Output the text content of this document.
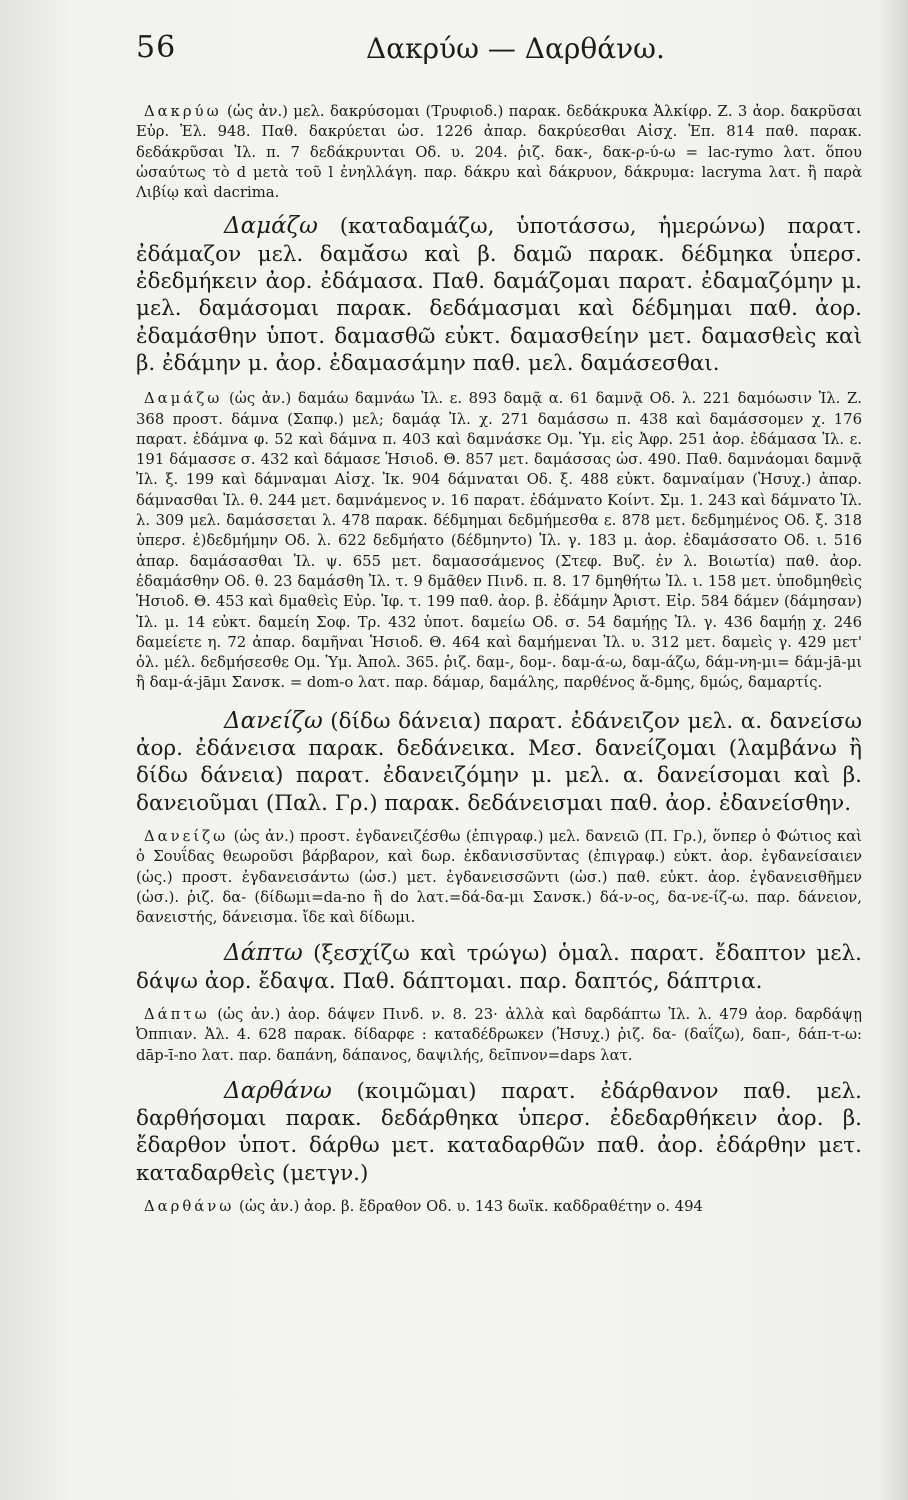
56	Δακρύω — Δαρθάνω.

Δακρύω (ὡς ἀν.) μελ. δακρύσομαι (Τρυφιοδ.) παρακ. δεδάκρυκα Ἀλκίφρ. Ζ. 3 ἀορ. δακρῦσαι Εὐρ. Ἑλ. 948. Παθ. δακρύεται ὡσ. 1226 ἀπαρ. δακρύεσθαι Αἰσχ. Ἐπ. 814 παθ. παρακ. δεδάκρῦσαι Ἰλ. π. 7 δεδάκρυνται Οδ. υ. 204. ῥιζ. δακ-, δακ-ρ-ύ-ω = lac-rymo λατ. ὅπου ὡσαύτως τὸ d μετὰ τοῦ l ἐνηλλάγη. παρ. δάκρυ καὶ δάκρυον, δάκρυμα: lacryma λατ. ἢ παρὰ Λιβίῳ καὶ dacrima.

Δαμάζω (καταδαμάζω, ὑποτάσσω, ἡμερώνω) παρατ. ἐδάμαζον μελ. δαμᾰ́σω καὶ β. δαμῶ παρακ. δέδμηκα ὑπερσ. ἐδεδμήκειν ἀορ. ἐδάμασα. Παθ. δαμάζομαι παρατ. ἐδαμαζόμην μ. μελ. δαμάσομαι παρακ. δεδάμασμαι καὶ δέδμημαι παθ. ἀορ. ἐδαμάσθην ὑποτ. δαμασθῶ εὐκτ. δαμασθείην μετ. δαμασθεὶς καὶ β. ἐδάμην μ. ἀορ. ἐδαμασάμην παθ. μελ. δαμάσεσθαι.

Δαμάζω (ὡς ἀν.) δαμάω δαμνάω Ἰλ. ε. 893 δαμᾷ α. 61 δαμνᾷ Οδ. λ. 221 δαμόωσιν Ἰλ. Ζ. 368 προστ. δάμνα (Σαπφ.) μελ; δαμάᾳ Ἰλ. χ. 271 δαμάσσω π. 438 καὶ δαμάσσομεν χ. 176 παρατ. ἐδάμνα φ. 52 καὶ δάμνα π. 403 καὶ δαμνάσκε Ομ. Ὑμ. εἰς Ἀφρ. 251 ἀορ. ἐδάμασα Ἰλ. ε. 191 δάμασσε σ. 432 καὶ δάμασε Ἡσιοδ. Θ. 857 μετ. δαμάσσας ὡσ. 490. Παθ. δαμνάομαι δαμνᾷ Ἰλ. ξ. 199 καὶ δάμναμαι Αἰσχ. Ἰκ. 904 δάμναται Οδ. ξ. 488 εὐκτ. δαμναίμαν (Ἡσυχ.) ἀπαρ. δάμνασθαι Ἰλ. θ. 244 μετ. δαμνάμενος ν. 16 παρατ. ἐδάμνατο Κοίντ. Σμ. 1. 243 καὶ δάμνατο Ἰλ. λ. 309 μελ. δαμάσσεται λ. 478 παρακ. δέδμημαι δεδμήμεσθα ε. 878 μετ. δεδμημένος Οδ. ξ. 318 ὑπερσ. ἐ)δεδμήμην Οδ. λ. 622 δεδμήατο (δέδμηντο) Ἰλ. γ. 183 μ. ἀορ. ἐδαμάσσατο Οδ. ι. 516 ἀπαρ. δαμάσασθαι Ἰλ. ψ. 655 μετ. δαμασσάμενος (Στεφ. Βυζ. ἐν λ. Βοιωτία) παθ. ἀορ. ἐδαμάσθην Οδ. θ. 23 δαμάσθη Ἰλ. τ. 9 δμᾶθεν Πινδ. π. 8. 17 δμηθήτω Ἰλ. ι. 158 μετ. ὑποδμηθεὶς Ἡσιοδ. Θ. 453 καὶ δμαθεὶς Εὐρ. Ἰφ. τ. 199 παθ. ἀορ. β. ἐδάμην Ἀριστ. Εἰρ. 584 δάμεν (δάμησαν) Ἰλ. μ. 14 εὐκτ. δαμείη Σοφ. Τρ. 432 ὑποτ. δαμείω Οδ. σ. 54 δαμήῃς Ἰλ. γ. 436 δαμήῃ χ. 246 δαμείετε η. 72 ἀπαρ. δαμῆναι Ἡσιοδ. Θ. 464 καὶ δαμήμεναι Ἰλ. υ. 312 μετ. δαμεὶς γ. 429 μετ' ὀλ. μέλ. δεδμήσεσθε Ομ. Ὑμ. Ἀπολ. 365. ῥιζ. δαμ-, δομ-. δαμ-ά-ω, δαμ-άζω, δάμ-νη-μι= δάμ-jā-μι ἢ δαμ-ά-jāμι Σανσκ. = dom-o λατ. παρ. δάμαρ, δαμάλης, παρθένος ἄ-δμης, δμώς, δαμαρτίς.

Δανείζω (δίδω δάνεια) παρατ. ἐδάνειζον μελ. α. δανείσω ἀορ. ἐδάνεισα παρακ. δεδάνεικα. Μεσ. δανείζομαι (λαμβάνω ἢ δίδω δάνεια) παρατ. ἐδανειζόμην μ. μελ. α. δανείσομαι καὶ β. δανειοῦμαι (Παλ. Γρ.) παρακ. δεδάνεισμαι παθ. ἀορ. ἐδανείσθην.

Δανείζω (ὡς ἀν.) προστ. ἐγδανειζέσθω (ἐπιγραφ.) μελ. δανειῶ (Π. Γρ.), ὅνπερ ὁ Φώτιος καὶ ὁ Σουΐδας θεωροῦσι βάρβαρον, καὶ δωρ. ἐκδανισσῦντας (ἐπιγραφ.) εὐκτ. ἀορ. ἐγδανείσαιεν (ὡς.) προστ. ἐγδανεισάντω (ὡσ.) μετ. ἐγδανεισσῶντι (ὡσ.) παθ. εὐκτ. ἀορ. ἐγδανεισθῆμεν (ὡσ.). ῥιζ. δα- (δίδωμι=da-no ἢ do λατ.=δά-δα-μι Σανσκ.) δά-ν-ος, δα-νε-ίζ-ω. παρ. δάνειον, δανειστής, δάνεισμα. ἴδε καὶ δίδωμι.

Δάπτω (ξεσχίζω καὶ τρώγω) ὁμαλ. παρατ. ἔδαπτον μελ. δάψω ἀορ. ἔδαψα. Παθ. δάπτομαι. παρ. δαπτός, δάπτρια.

Δάπτω (ὡς ἀν.) ἀορ. δάψεν Πινδ. ν. 8. 23· ἀλλὰ καὶ δαρδάπτω Ἰλ. λ. 479 ἀορ. δαρδάψῃ Ὀππιαν. Ἀλ. 4. 628 παρακ. δίδαρφε : καταδέδρωκεν (Ἡσυχ.) ῥιζ. δα- (δαΐζω), δαπ-, δάπ-τ-ω: dāp-ī-no λατ. παρ. δαπάνη, δάπανος, δαψιλής, δεῖπνον=daps λατ.

Δαρθάνω (κοιμῶμαι) παρατ. ἐδάρθανον παθ. μελ. δαρθήσομαι παρακ. δεδάρθηκα ὑπερσ. ἐδεδαρθήκειν ἀορ. β. ἔδαρθον ὑποτ. δάρθω μετ. καταδαρθῶν παθ. ἀορ. ἐδάρθην μετ. καταδαρθεὶς (μετγν.)

Δαρθάνω (ὡς ἀν.) ἀορ. β. ἔδραθον Οδ. υ. 143 δωϊκ. καδδραθέτην ο. 494
